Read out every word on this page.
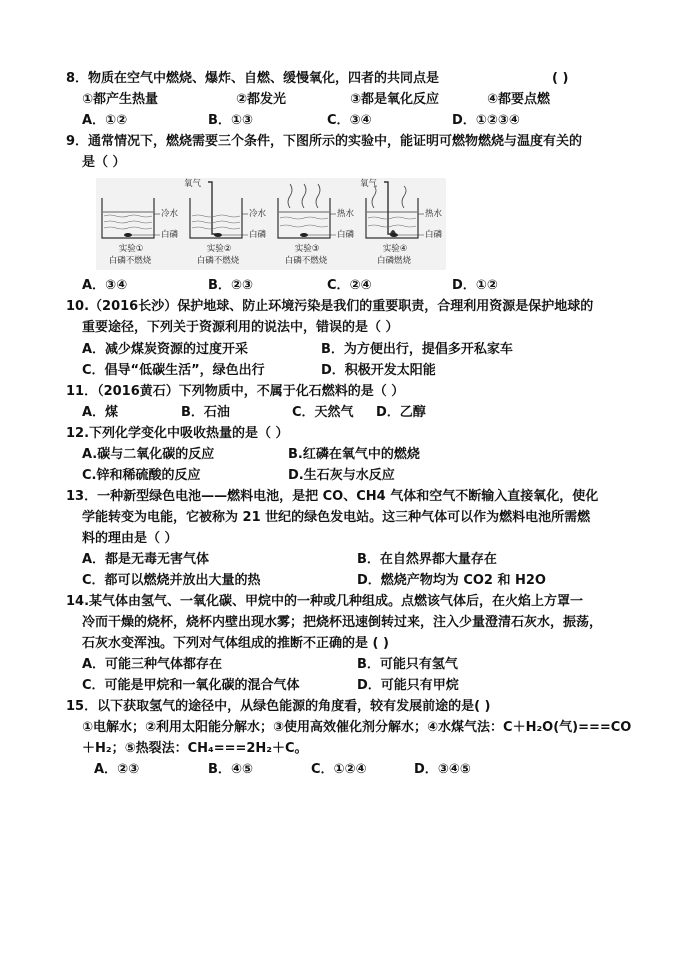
8．物质在空气中燃烧、爆炸、自燃、缓慢氧化，四者的共同点是	( )
①都产生热量	②都发光	③都是氧化反应	④都要点燃
A．①②	B．①③	C．③④	D．①②③④
9．通常情况下，燃烧需要三个条件，下图所示的实验中，能证明可燃物燃烧与温度有关的
是（ ）
冷水
白磷
实验①
白磷不燃烧
氧气
冷水
白磷
实验②
白磷不燃烧
热水
白磷
实验③
白磷不燃烧
氧气
热水
白磷
实验④
白磷燃烧
A．③④	B．②③	C．②④	D．①②
10.（2016长沙）保护地球、防止环境污染是我们的重要职责，合理利用资源是保护地球的
重要途径，下列关于资源利用的说法中，错误的是（ ）
A．减少煤炭资源的过度开采	B．为方便出行，提倡多开私家车
C．倡导“低碳生活”，绿色出行	D．积极开发太阳能
11．（2016黄石）下列物质中，不属于化石燃料的是（ ）
A．煤	B．石油	C．天然气 D．乙醇
12.下列化学变化中吸收热量的是（ ）
A.碳与二氧化碳的反应	B.红磷在氧气中的燃烧
C.锌和稀硫酸的反应	D.生石灰与水反应
13．一种新型绿色电池——燃料电池，是把 CO、CH4 气体和空气不断输入直接氧化，使化
学能转变为电能，它被称为 21 世纪的绿色发电站。这三种气体可以作为燃料电池所需燃
料的理由是（ ）
A．都是无毒无害气体	B．在自然界都大量存在
C．都可以燃烧并放出大量的热	D．燃烧产物均为 CO2 和 H2O
14.某气体由氢气、一氧化碳、甲烷中的一种或几种组成。点燃该气体后，在火焰上方罩一
冷而干燥的烧杯，烧杯内壁出现水雾；把烧杯迅速倒转过来，注入少量澄清石灰水，振荡，
石灰水变浑浊。下列对气体组成的推断不正确的是 ( )
A．可能三种气体都存在	B．可能只有氢气
C．可能是甲烷和一氧化碳的混合气体	D．可能只有甲烷
15．以下获取氢气的途径中，从绿色能源的角度看，较有发展前途的是( )
①电解水；②利用太阳能分解水；③使用高效催化剂分解水；④水煤气法：C＋H₂O(气)===CO
＋H₂；⑤热裂法：CH₄===2H₂＋C。
A．②③	B．④⑤	C．①②④	D．③④⑤
